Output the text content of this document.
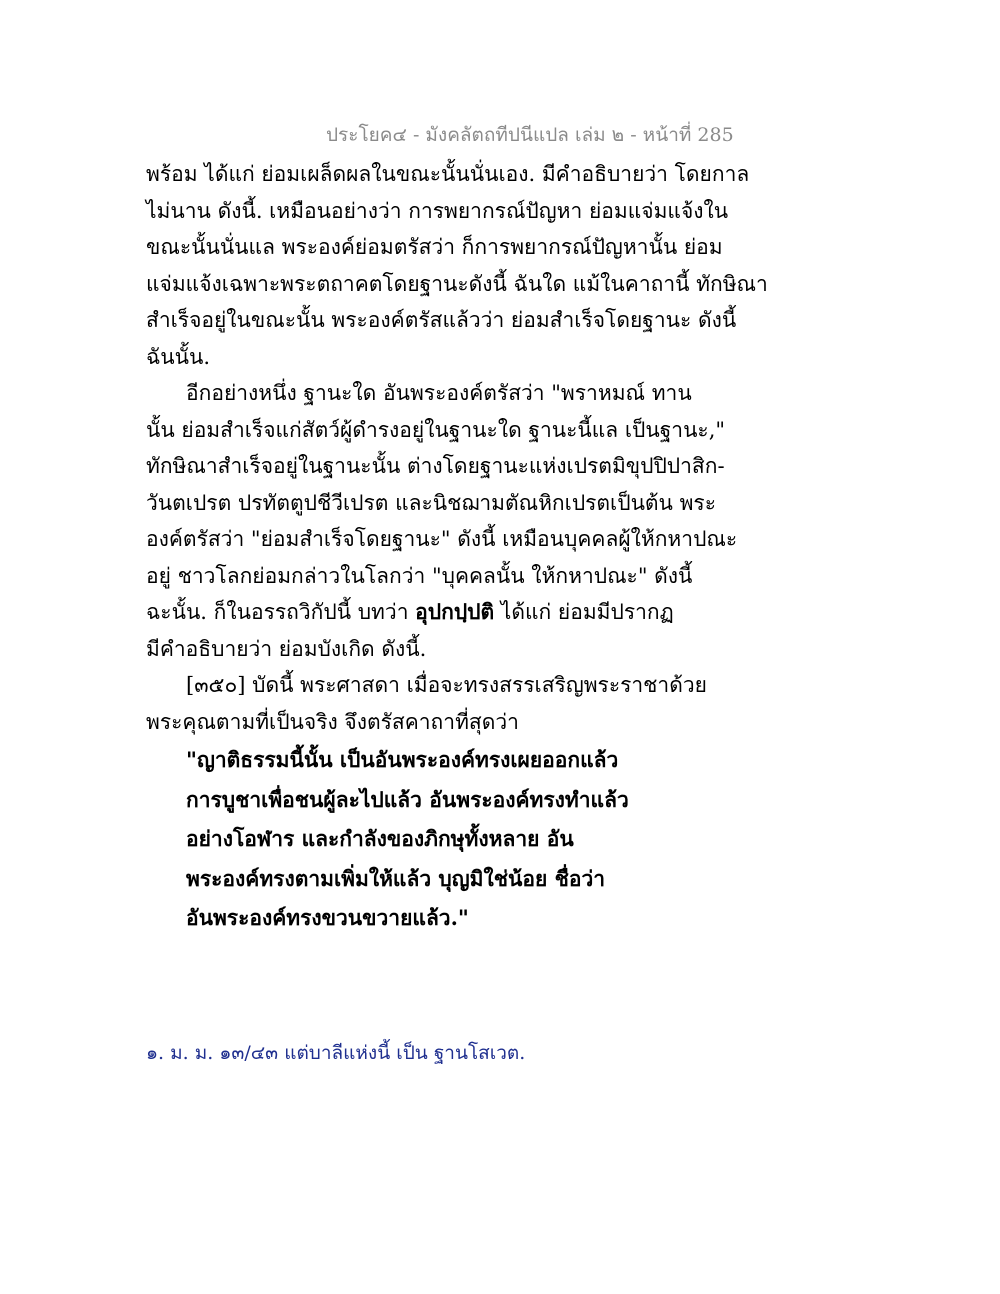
ประโยค๔ - มังคลัตถทีปนีแปล เล่ม ๒ - หน้าที่ 285
พร้อม ได้แก่ ย่อมเผล็ดผลในขณะนั้นนั่นเอง. มีคำอธิบายว่า โดยกาล
ไม่นาน ดังนี้. เหมือนอย่างว่า การพยากรณ์ปัญหา ย่อมแจ่มแจ้งใน
ขณะนั้นนั่นแล พระองค์ย่อมตรัสว่า ก็การพยากรณ์ปัญหานั้น ย่อม
แจ่มแจ้งเฉพาะพระตถาคตโดยฐานะดังนี้ ฉันใด แม้ในคาถานี้ ทักษิณา
สำเร็จอยู่ในขณะนั้น พระองค์ตรัสแล้วว่า ย่อมสำเร็จโดยฐานะ ดังนี้
ฉันนั้น.
อีกอย่างหนึ่ง ฐานะใด อันพระองค์ตรัสว่า "พราหมณ์ ทาน
นั้น ย่อมสำเร็จแก่สัตว์ผู้ดำรงอยู่ในฐานะใด ฐานะนี้แล เป็นฐานะ,"
ทักษิณาสำเร็จอยู่ในฐานะนั้น ต่างโดยฐานะแห่งเปรตมิขุปปิปาสิก-
วันตเปรต ปรทัตตูปชีวีเปรต และนิชฌามตัณหิกเปรตเป็นต้น พระ
องค์ตรัสว่า "ย่อมสำเร็จโดยฐานะ" ดังนี้ เหมือนบุคคลผู้ให้กหาปณะ
อยู่ ชาวโลกย่อมกล่าวในโลกว่า "บุคคลนั้น ให้กหาปณะ" ดังนี้
ฉะนั้น. ก็ในอรรถวิกัปนี้ บทว่า อุปกปฺปติ ได้แก่ ย่อมมีปรากฏ
มีคำอธิบายว่า ย่อมบังเกิด ดังนี้.
[๓๕๐] บัดนี้ พระศาสดา เมื่อจะทรงสรรเสริญพระราชาด้วย
พระคุณตามที่เป็นจริง จึงตรัสคาถาที่สุดว่า
"ญาติธรรมนี้นั้น เป็นอันพระองค์ทรงเผยออกแล้ว
การบูชาเพื่อชนผู้ละไปแล้ว อันพระองค์ทรงทำแล้ว
อย่างโอฬาร และกำลังของภิกษุทั้งหลาย อัน
พระองค์ทรงตามเพิ่มให้แล้ว บุญมิใช่น้อย ชื่อว่า
อันพระองค์ทรงขวนขวายแล้ว."
๑. ม. ม. ๑๓/๔๓ แต่บาลีแห่งนี้ เป็น ฐานโสเวต.
